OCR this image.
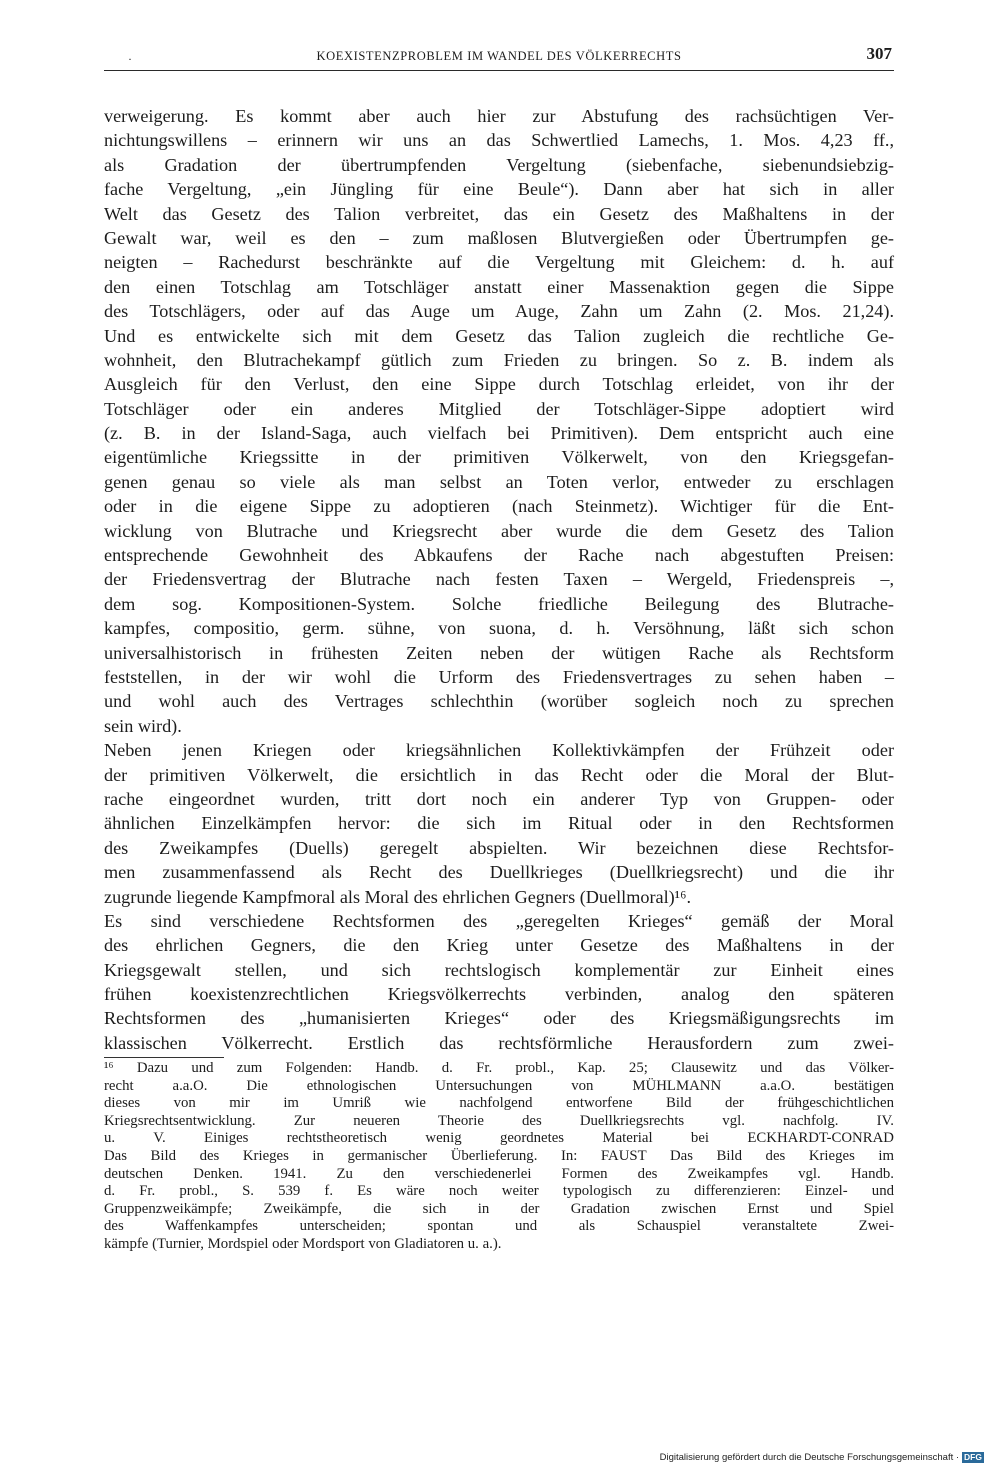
·	KOEXISTENZPROBLEM IM WANDEL DES VÖLKERRECHTS	307
verweigerung. Es kommt aber auch hier zur Abstufung des rachsüchtigen Ver-
nichtungswillens – erinnern wir uns an das Schwertlied Lamechs, 1. Mos. 4,23 ff.,
als Gradation der übertrumpfenden Vergeltung (siebenfache, siebenundsiebzig-
fache Vergeltung, „ein Jüngling für eine Beule“). Dann aber hat sich in aller
Welt das Gesetz des Talion verbreitet, das ein Gesetz des Maßhaltens in der
Gewalt war, weil es den – zum maßlosen Blutvergießen oder Übertrumpfen ge-
neigten – Rachedurst beschränkte auf die Vergeltung mit Gleichem: d. h. auf
den einen Totschlag am Totschläger anstatt einer Massenaktion gegen die Sippe
des Totschlägers, oder auf das Auge um Auge, Zahn um Zahn (2. Mos. 21,24).
Und es entwickelte sich mit dem Gesetz das Talion zugleich die rechtliche Ge-
wohnheit, den Blutrachekampf gütlich zum Frieden zu bringen. So z. B. indem als
Ausgleich für den Verlust, den eine Sippe durch Totschlag erleidet, von ihr der
Totschläger oder ein anderes Mitglied der Totschläger-Sippe adoptiert wird
(z. B. in der Island-Saga, auch vielfach bei Primitiven). Dem entspricht auch eine
eigentümliche Kriegssitte in der primitiven Völkerwelt, von den Kriegsgefan-
genen genau so viele als man selbst an Toten verlor, entweder zu erschlagen
oder in die eigene Sippe zu adoptieren (nach Steinmetz). Wichtiger für die Ent-
wicklung von Blutrache und Kriegsrecht aber wurde die dem Gesetz des Talion
entsprechende Gewohnheit des Abkaufens der Rache nach abgestuften Preisen:
der Friedensvertrag der Blutrache nach festen Taxen – Wergeld, Friedenspreis –,
dem sog. Kompositionen-System. Solche friedliche Beilegung des Blutrache-
kampfes, compositio, germ. sühne, von suona, d. h. Versöhnung, läßt sich schon
universalhistorisch in frühesten Zeiten neben der wütigen Rache als Rechtsform
feststellen, in der wir wohl die Urform des Friedensvertrages zu sehen haben –
und wohl auch des Vertrages schlechthin (worüber sogleich noch zu sprechen
sein wird).
Neben jenen Kriegen oder kriegsähnlichen Kollektivkämpfen der Frühzeit oder
der primitiven Völkerwelt, die ersichtlich in das Recht oder die Moral der Blut-
rache eingeordnet wurden, tritt dort noch ein anderer Typ von Gruppen- oder
ähnlichen Einzelkämpfen hervor: die sich im Ritual oder in den Rechtsformen
des Zweikampfes (Duells) geregelt abspielten. Wir bezeichnen diese Rechtsfor-
men zusammenfassend als Recht des Duellkrieges (Duellkriegsrecht) und die ihr
zugrunde liegende Kampfmoral als Moral des ehrlichen Gegners (Duellmoral)¹⁶.
Es sind verschiedene Rechtsformen des „geregelten Krieges“ gemäß der Moral
des ehrlichen Gegners, die den Krieg unter Gesetze des Maßhaltens in der
Kriegsgewalt stellen, und sich rechtslogisch komplementär zur Einheit eines
frühen koexistenzrechtlichen Kriegsvölkerrechts verbinden, analog den späteren
Rechtsformen des „humanisierten Krieges“ oder des Kriegsmäßigungsrechts im
klassischen Völkerrecht. Erstlich das rechtsförmliche Herausfordern zum zwei-
¹⁶ Dazu und zum Folgenden: Handb. d. Fr. probl., Kap. 25; Clausewitz und das Völker-
recht a.a.O. Die ethnologischen Untersuchungen von MÜHLMANN a.a.O. bestätigen
dieses von mir im Umriß wie nachfolgend entworfene Bild der frühgeschichtlichen
Kriegsrechtsentwicklung. Zur neueren Theorie des Duellkriegsrechts vgl. nachfolg. IV.
u. V. Einiges rechtstheoretisch wenig geordnetes Material bei ECKHARDT-CONRAD
Das Bild des Krieges in germanischer Überlieferung. In: FAUST Das Bild des Krieges im
deutschen Denken. 1941. Zu den verschiedenerlei Formen des Zweikampfes vgl. Handb.
d. Fr. probl., S. 539 f. Es wäre noch weiter typologisch zu differenzieren: Einzel- und
Gruppenzweikämpfe; Zweikämpfe, die sich in der Gradation zwischen Ernst und Spiel
des Waffenkampfes unterscheiden; spontan und als Schauspiel veranstaltete Zwei-
kämpfe (Turnier, Mordspiel oder Mordsport von Gladiatoren u. a.).
Digitalisierung gefördert durch die Deutsche Forschungsgemeinschaft · DFG
